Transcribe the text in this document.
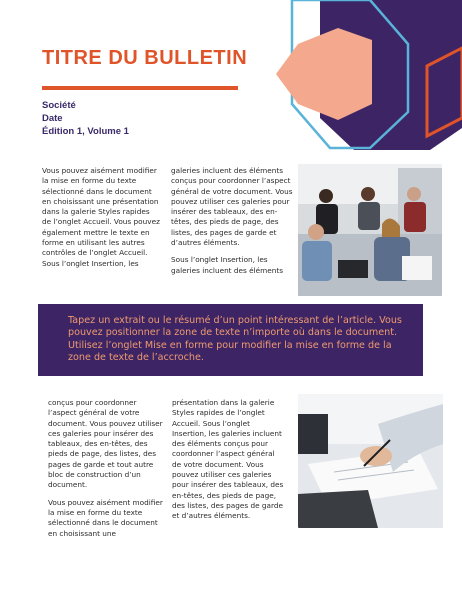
TITRE DU BULLETIN
Société
Date
Édition 1, Volume 1

Vous pouvez aisément modifier la mise en forme du texte sélectionné dans le document en choisissant une présentation dans la galerie Styles rapides de l’onglet Accueil. Vous pouvez également mettre le texte en forme en utilisant les autres contrôles de l’onglet Accueil. Sous l’onglet Insertion, les

galeries incluent des éléments conçus pour coordonner l’aspect général de votre document. Vous pouvez utiliser ces galeries pour insérer des tableaux, des en-têtes, des pieds de page, des listes, des pages de garde et d’autres éléments.

Sous l’onglet Insertion, les galeries incluent des éléments

Tapez un extrait ou le résumé d’un point intéressant de l’article. Vous pouvez positionner la zone de texte n’importe où dans le document. Utilisez l’onglet Mise en forme pour modifier la mise en forme de la zone de texte de l’accroche.

conçus pour coordonner l’aspect général de votre document. Vous pouvez utiliser ces galeries pour insérer des tableaux, des en-têtes, des pieds de page, des listes, des pages de garde et tout autre bloc de construction d’un document.

Vous pouvez aisément modifier la mise en forme du texte sélectionné dans le document en choisissant une

présentation dans la galerie Styles rapides de l’onglet Accueil. Sous l’onglet Insertion, les galeries incluent des éléments conçus pour coordonner l’aspect général de votre document. Vous pouvez utiliser ces galeries pour insérer des tableaux, des en-têtes, des pieds de page, des listes, des pages de garde et d’autres éléments.
